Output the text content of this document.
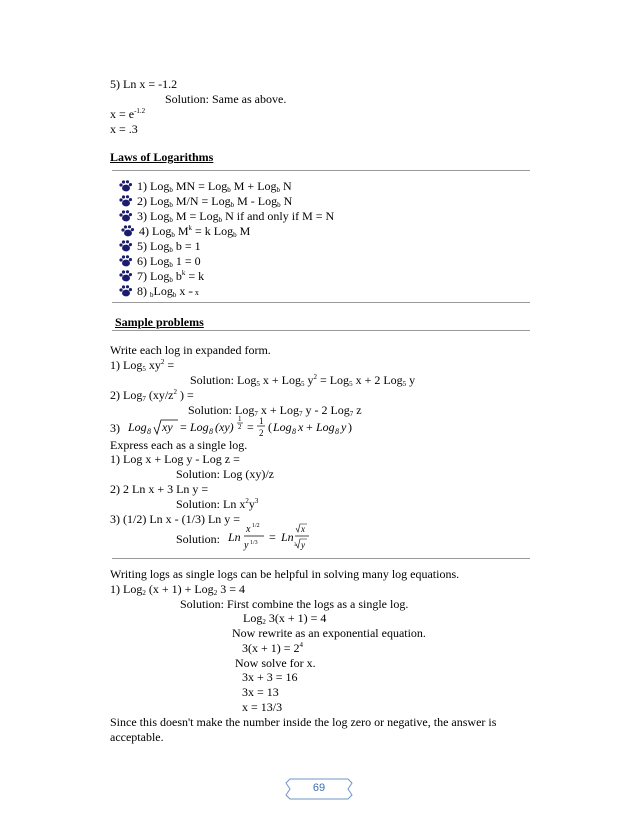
5) Ln x = -1.2
Solution: Same as above.
$x = e^{-1.2}$
x = .3
Laws of Logarithms
1) Log$_b$ MN = Log$_b$ M + Log$_b$ N
2) Log$_b$ M/N = Log$_b$ M - Log$_b$ N
3) Log$_b$ M = Log$_b$ N if and only if M = N
4) Log$_b$ $M^k = k$ Log$_b$ M
5) Log$_b$ b = 1
6) Log$_b$ 1 = 0
7) Log$_b$ $b^k = k$
8) $_b$Log$_b$ x = x
Sample problems
Write each log in expanded form.
1) Log$_5$ $xy^2$ =
Solution: Log$_5$ x + Log$_5$ $y^2 = Log_5$ x + 2 Log$_5$ y
2) Log$_7$ ($xy/z^2$ ) =
Solution: Log$_7$ x + Log$_7$ y - 2 Log$_7$ z
3) Log 8 xy = Log 8 (xy)
1
2 = 1
2 ( Log 8 x + Log 8 y )
Express each as a single log.
1) Log x + Log y - Log z =
Solution: Log (xy)/z
2) 2 Ln x + 3 Ln y =
Solution: Ln $x^2y^3$
3) (1/2) Ln x - (1/3) Ln y =
Solution: Ln
x 1/2
y 1/3 = Ln
x
3 y
Writing logs as single logs can be helpful in solving many log equations.
1) Log$_2$ (x + 1) + Log$_2$ 3 = 4
Solution: First combine the logs as a single log.
Log$_2$ 3(x + 1) = 4
Now rewrite as an exponential equation.
$3(x + 1) = 2^4$
Now solve for x.
3x + 3 = 16
3x = 13
x = 13/3
Since this doesn't make the number inside the log zero or negative, the answer is
acceptable.
69
